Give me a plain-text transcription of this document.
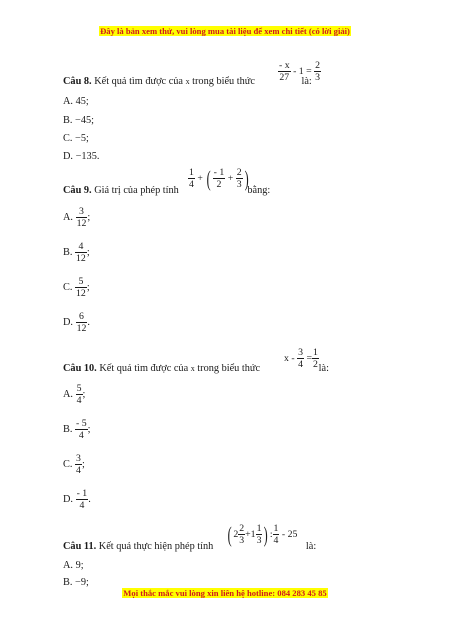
Đây là bản xem thử, vui lòng mua tài liệu để xem chi tiết (có lời giải)
$\frac{- x}{27} - 1 = \frac{2}{3}$
Câu 8. Kết quả tìm được của x trong biểu thức	là:
A. 45;
B. −45;
C. −5;
D. −135.
$\frac{1}{4}$ + ( $\frac{- 1}{2} + \frac{2}{3}$ )
Câu 9. Giá trị của phép tính	bằng:
A. $\frac{3}{12}$ ;
B. $\frac{4}{12}$ ;
C. $\frac{5}{12}$ ;
D. $\frac{6}{12}$ .
$x - \frac{3}{4} = \frac{1}{2}$
Câu 10. Kết quả tìm được của x trong biểu thức	là:
A. $\frac{5}{4}$ ;
B. $\frac{- 5}{4}$ ;
C. $\frac{3}{4}$ ;
D. $\frac{- 1}{4}$ .
( $2 \frac{2}{3} +1 \frac{1}{3}$ ) : $\frac{1}{4} - 25$
Câu 11. Kết quả thực hiện phép tính	là:
A. 9;
B. −9;
Mọi thắc mắc vui lòng xin liên hệ hotline: 084 283 45 85
